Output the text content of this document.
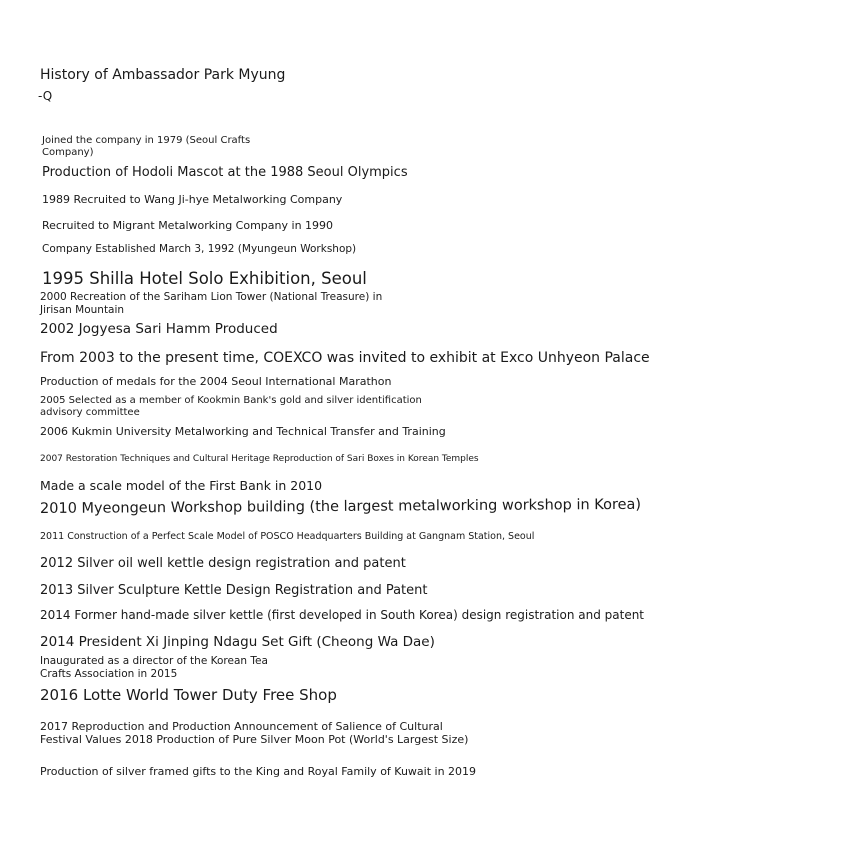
History of Ambassador Park Myung
-Q
Joined the company in 1979 (Seoul Crafts Company)
Production of Hodoli Mascot at the 1988 Seoul Olympics
1989 Recruited to Wang Ji-hye Metalworking Company
Recruited to Migrant Metalworking Company in 1990
Company Established March 3, 1992 (Myungeun Workshop)
1995 Shilla Hotel Solo Exhibition, Seoul
2000 Recreation of the Sariham Lion Tower (National Treasure) in Jirisan Mountain
2002 Jogyesa Sari Hamm Produced
From 2003 to the present time, COEXCO was invited to exhibit at Exco Unhyeon Palace
Production of medals for the 2004 Seoul International Marathon
2005 Selected as a member of Kookmin Bank's gold and silver identification advisory committee
2006 Kukmin University Metalworking and Technical Transfer and Training
2007 Restoration Techniques and Cultural Heritage Reproduction of Sari Boxes in Korean Temples
Made a scale model of the First Bank in 2010
2010 Myeongeun Workshop building (the largest metalworking workshop in Korea)
2011 Construction of a Perfect Scale Model of POSCO Headquarters Building at Gangnam Station, Seoul
2012 Silver oil well kettle design registration and patent
2013 Silver Sculpture Kettle Design Registration and Patent
2014 Former hand-made silver kettle (first developed in South Korea) design registration and patent
2014 President Xi Jinping Ndagu Set Gift (Cheong Wa Dae)
Inaugurated as a director of the Korean Tea Crafts Association in 2015
2016 Lotte World Tower Duty Free Shop
2017 Reproduction and Production Announcement of Salience of Cultural Festival Values 2018 Production of Pure Silver Moon Pot (World's Largest Size)
Production of silver framed gifts to the King and Royal Family of Kuwait in 2019
